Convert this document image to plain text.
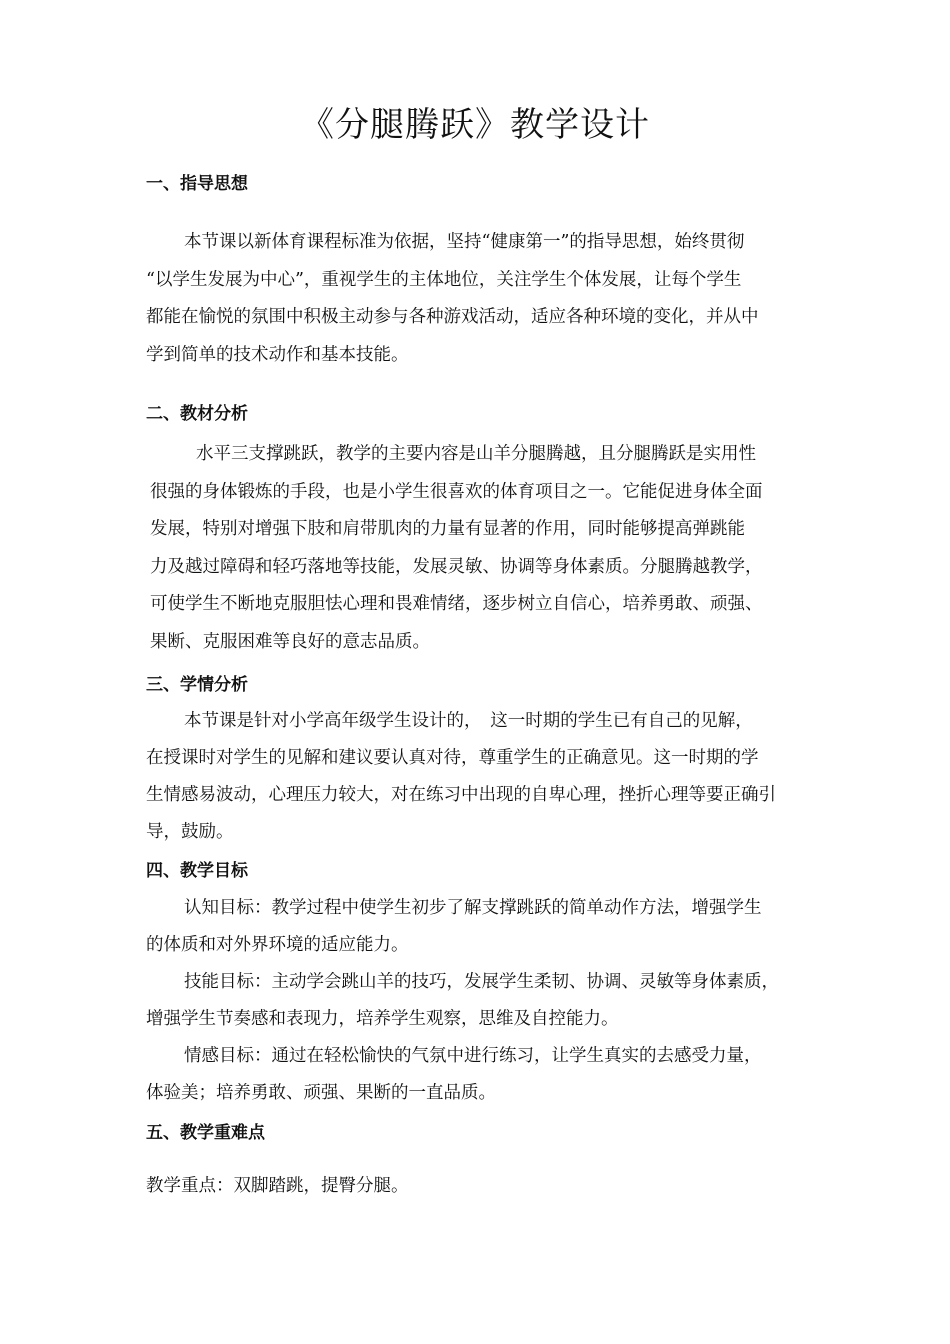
《分腿腾跃》教学设计
一、指导思想
本节课以新体育课程标准为依据，坚持“健康第一”的指导思想，始终贯彻
“以学生发展为中心”，重视学生的主体地位，关注学生个体发展，让每个学生
都能在愉悦的氛围中积极主动参与各种游戏活动，适应各种环境的变化，并从中
学到简单的技术动作和基本技能。
二、教材分析
水平三支撑跳跃，教学的主要内容是山羊分腿腾越，且分腿腾跃是实用性
很强的身体锻炼的手段，也是小学生很喜欢的体育项目之一。它能促进身体全面
发展，特别对增强下肢和肩带肌肉的力量有显著的作用，同时能够提高弹跳能
力及越过障碍和轻巧落地等技能，发展灵敏、协调等身体素质。分腿腾越教学，
可使学生不断地克服胆怯心理和畏难情绪，逐步树立自信心，培养勇敢、顽强、
果断、克服困难等良好的意志品质。
三、学情分析
本节课是针对小学高年级学生设计的，　这一时期的学生已有自己的见解，
在授课时对学生的见解和建议要认真对待，尊重学生的正确意见。这一时期的学
生情感易波动，心理压力较大，对在练习中出现的自卑心理，挫折心理等要正确引
导，鼓励。
四、教学目标
认知目标：教学过程中使学生初步了解支撑跳跃的简单动作方法，增强学生
的体质和对外界环境的适应能力。
技能目标：主动学会跳山羊的技巧，发展学生柔韧、协调、灵敏等身体素质，
增强学生节奏感和表现力，培养学生观察，思维及自控能力。
情感目标：通过在轻松愉快的气氛中进行练习，让学生真实的去感受力量，
体验美；培养勇敢、顽强、果断的一直品质。
五、教学重难点
教学重点：双脚踏跳，提臀分腿。
